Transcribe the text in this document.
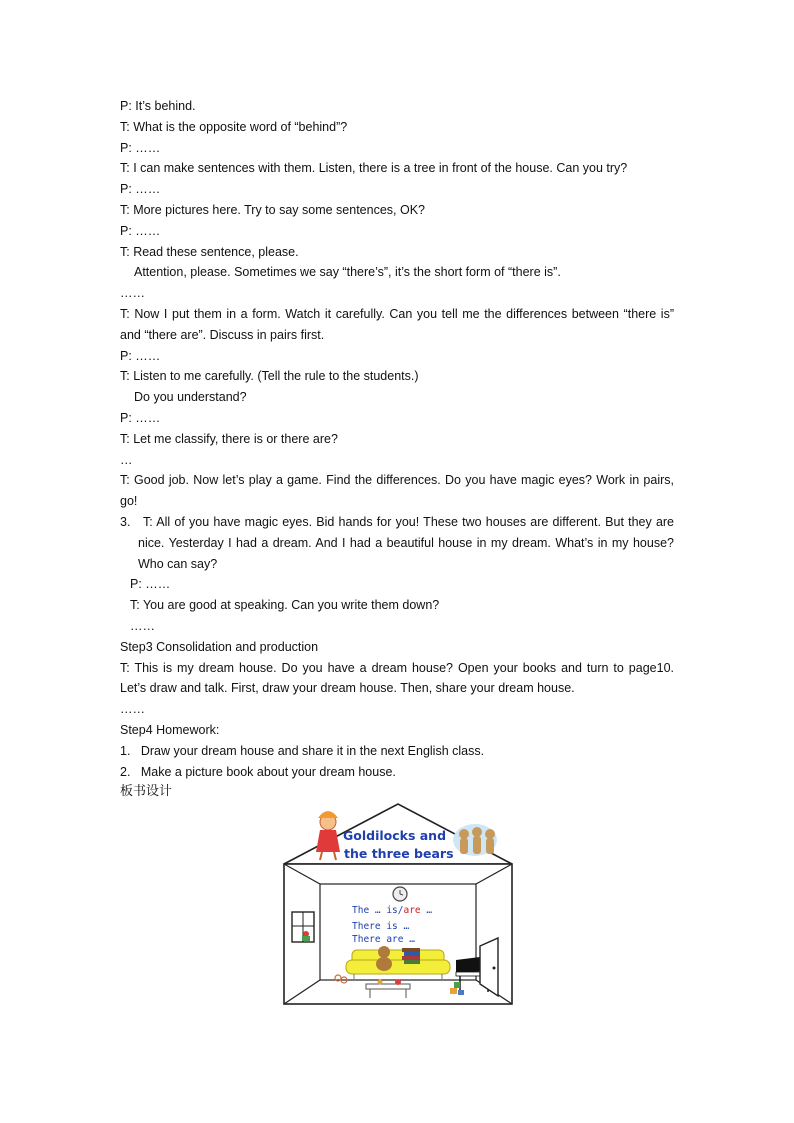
P: It’s behind.
T: What is the opposite word of “behind”?
P: ……
T: I can make sentences with them. Listen, there is a tree in front of the house. Can you try?
P: ……
T: More pictures here. Try to say some sentences, OK?
P: ……
T: Read these sentence, please.
Attention, please. Sometimes we say “there’s”, it’s the short form of “there is”.
……
T: Now I put them in a form. Watch it carefully. Can you tell me the differences between “there is” and “there are”. Discuss in pairs first.
P: ……
T: Listen to me carefully. (Tell the rule to the students.)
Do you understand?
P: ……
T: Let me classify, there is or there are?
…
T: Good job. Now let’s play a game. Find the differences. Do you have magic eyes? Work in pairs, go!
3. T: All of you have magic eyes. Bid hands for you! These two houses are different. But they are nice. Yesterday I had a dream. And I had a beautiful house in my dream. What’s in my house? Who can say?
P: ……
T: You are good at speaking. Can you write them down?
……
Step3 Consolidation and production
T: This is my dream house. Do you have a dream house? Open your books and turn to page10. Let’s draw and talk. First, draw your dream house. Then, share your dream house.
……
Step4 Homework:
1. Draw your dream house and share it in the next English class.
2. Make a picture book about your dream house.
板书设计
Goldilocks and
the three bears
The … is/are …
There is …
There are …
